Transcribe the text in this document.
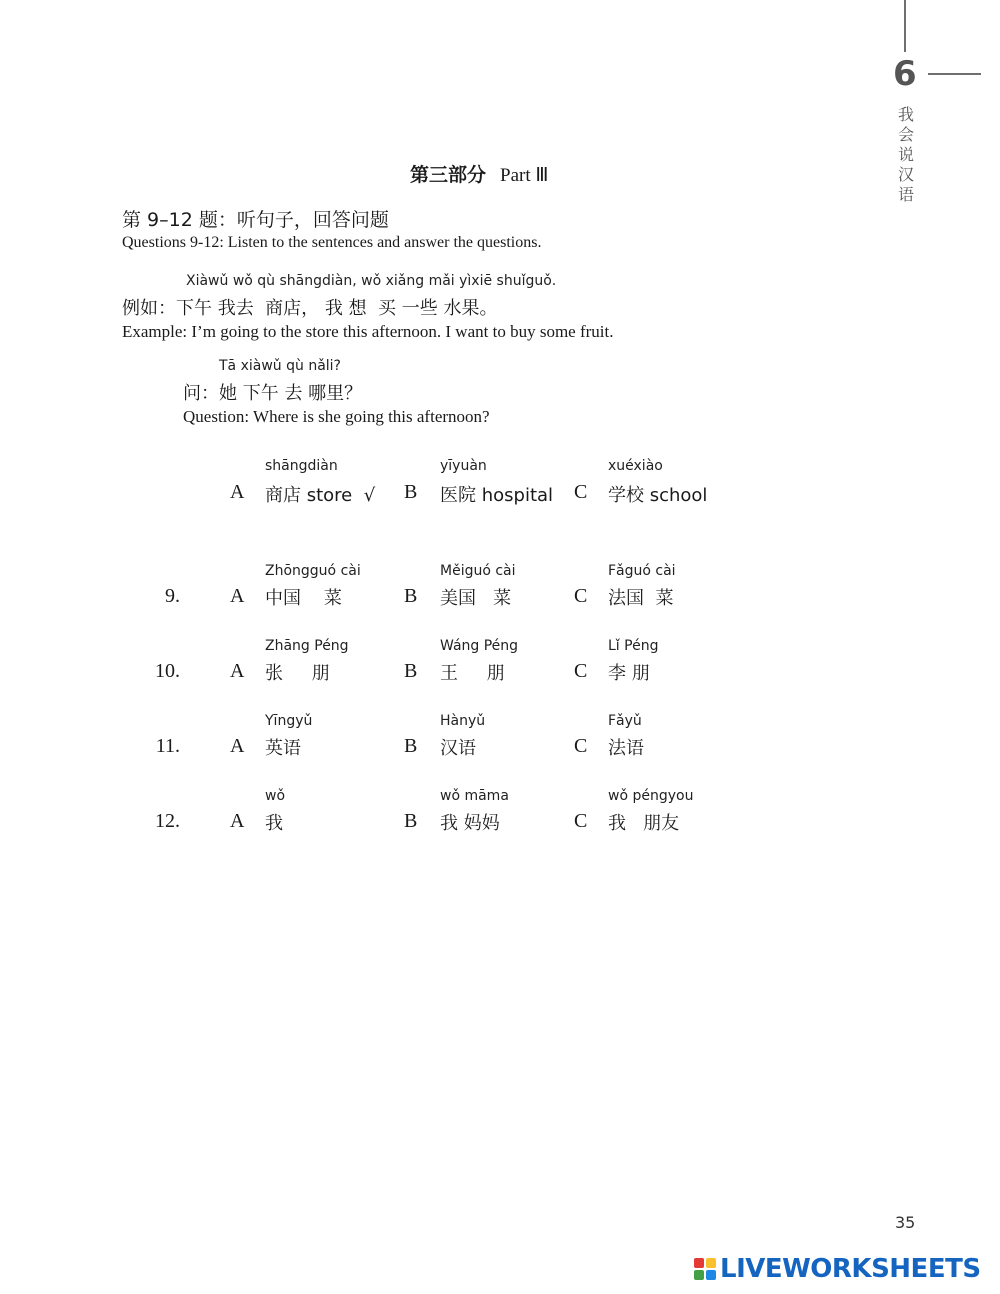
6
我会说汉语
第三部分 Part Ⅲ
第 9–12 题：听句子，回答问题
Questions 9-12: Listen to the sentences and answer the questions.
Xiàwǔ wǒ qù shāngdiàn, wǒ xiǎng mǎi yìxiē shuǐguǒ.
例如：下午 我去  商店， 我 想  买 一些 水果。
Example: I’m going to the store this afternoon. I want to buy some fruit.
Tā xiàwǔ qù nǎli?
问：她 下午 去 哪里？
Question: Where is she going this afternoon?
shāngdiàn
A 商店 store  √
yīyuàn
B 医院 hospital
xuéxiào
C 学校 school
9.
Zhōngguó cài
A 中国    菜
Měiguó cài
B 美国   菜
Fǎguó cài
C 法国  菜
10.
Zhāng Péng
A 张     朋
Wáng Péng
B 王     朋
Lǐ Péng
C 李 朋
11.
Yīngyǔ
A 英语
Hànyǔ
B 汉语
Fǎyǔ
C 法语
12.
wǒ
A 我
wǒ māma
B 我 妈妈
wǒ péngyou
C 我   朋友
35
LIVEWORKSHEETS
